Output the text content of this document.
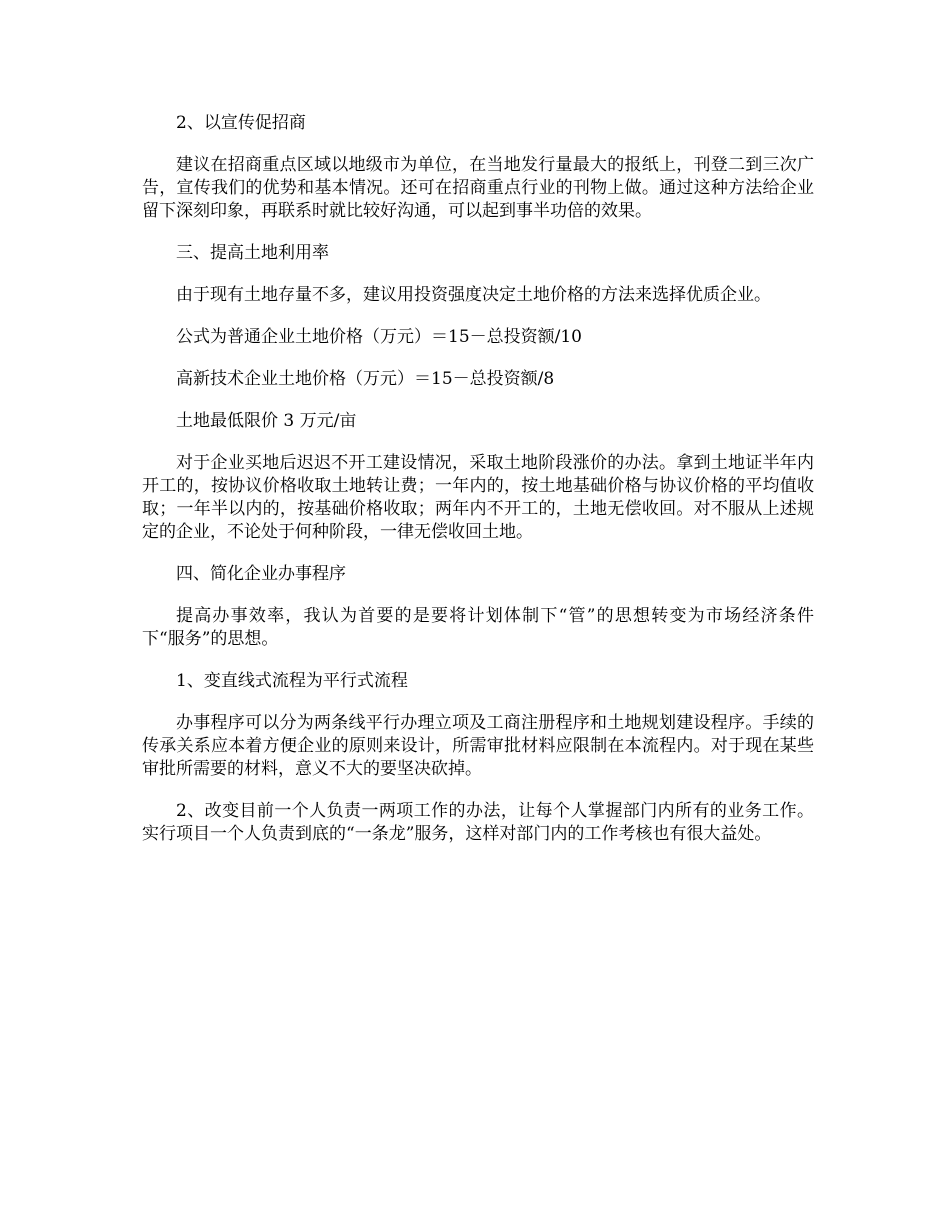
2、以宣传促招商

建议在招商重点区域以地级市为单位，在当地发行量最大的报纸上，刊登二到三次广告，宣传我们的优势和基本情况。还可在招商重点行业的刊物上做。通过这种方法给企业留下深刻印象，再联系时就比较好沟通，可以起到事半功倍的效果。

三、提高土地利用率

由于现有土地存量不多，建议用投资强度决定土地价格的方法来选择优质企业。

公式为普通企业土地价格（万元）＝15－总投资额/10

高新技术企业土地价格（万元）＝15－总投资额/8

土地最低限价 3 万元/亩

对于企业买地后迟迟不开工建设情况，采取土地阶段涨价的办法。拿到土地证半年内开工的，按协议价格收取土地转让费；一年内的，按土地基础价格与协议价格的平均值收取；一年半以内的，按基础价格收取；两年内不开工的，土地无偿收回。对不服从上述规定的企业，不论处于何种阶段，一律无偿收回土地。

四、简化企业办事程序

提高办事效率，我认为首要的是要将计划体制下“管”的思想转变为市场经济条件下“服务”的思想。

1、变直线式流程为平行式流程

办事程序可以分为两条线平行办理立项及工商注册程序和土地规划建设程序。手续的传承关系应本着方便企业的原则来设计，所需审批材料应限制在本流程内。对于现在某些审批所需要的材料，意义不大的要坚决砍掉。

2、改变目前一个人负责一两项工作的办法，让每个人掌握部门内所有的业务工作。实行项目一个人负责到底的“一条龙”服务，这样对部门内的工作考核也有很大益处。
